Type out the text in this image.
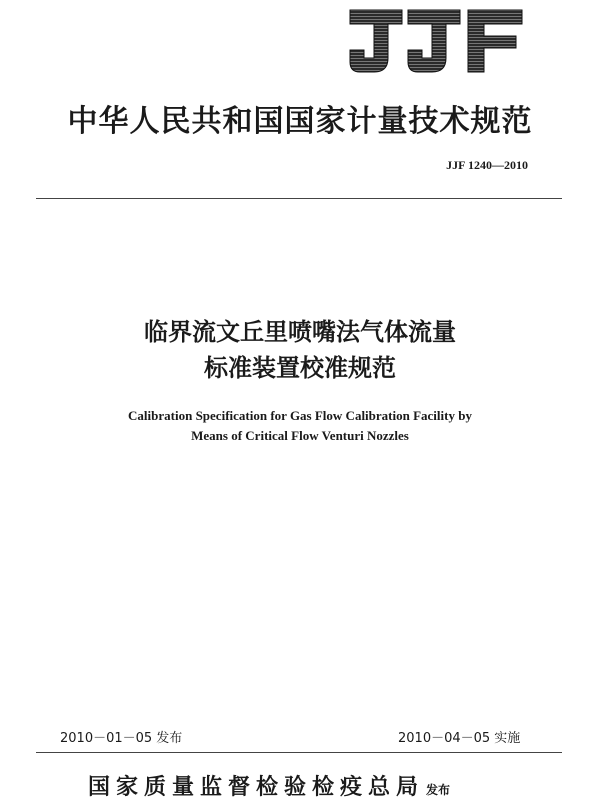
中华人民共和国国家计量技术规范
JJF 1240—2010
临界流文丘里喷嘴法气体流量
标准装置校准规范
Calibration Specification for Gas Flow Calibration Facility by
Means of Critical Flow Venturi Nozzles
2010－01－05 发布	2010－04－05 实施
国家质量监督检验检疫总局 发布
